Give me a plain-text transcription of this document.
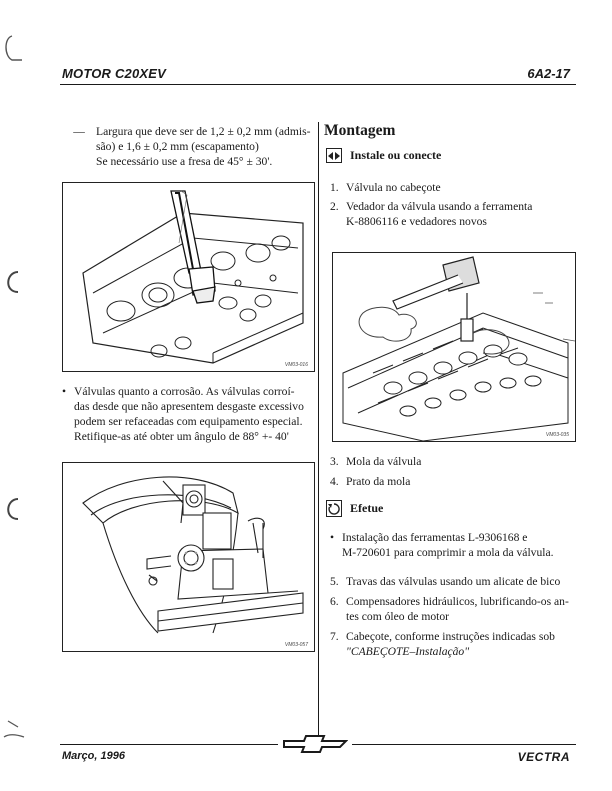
MOTOR C20XEV	6A2-17
— Largura que deve ser de 1,2 ± 0,2 mm (admis-
são) e 1,6 ± 0,2 mm (escapamento)
Se necessário use a fresa de 45° ± 30'.
VM03-016
• Válvulas quanto a corrosão. As válvulas corroí-
das desde que não apresentem desgaste excessivo
podem ser refaceadas com equipamento especial.
Retifique-as até obter um ângulo de 88° +- 40'
VM03-057
Montagem
Instale ou conecte
1. Válvula no cabeçote
2. Vedador da válvula usando a ferramenta
K-8806116 e vedadores novos
VM03-035
3. Mola da válvula
4. Prato da mola
Efetue
• Instalação das ferramentas L-9306168 e
M-720601 para comprimir a mola da válvula.
5. Travas das válvulas usando um alicate de bico
6. Compensadores hidráulicos, lubrificando-os an-
tes com óleo de motor
7. Cabeçote, conforme instruções indicadas sob
"CABEÇOTE–Instalação"
Março, 1996	VECTRA
